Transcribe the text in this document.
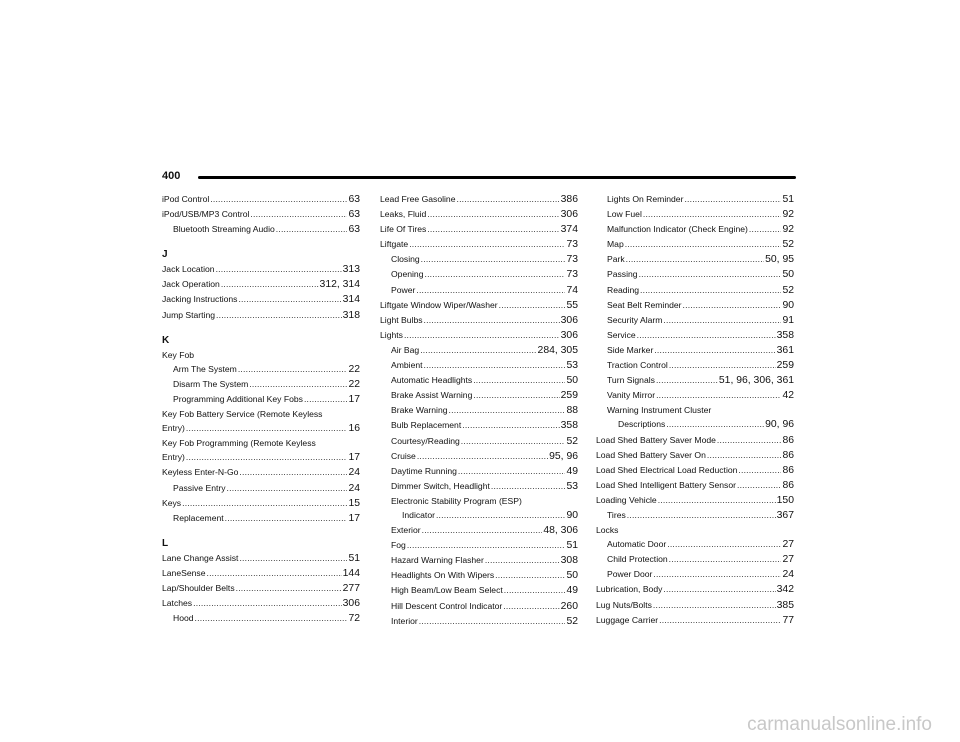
400
iPod Control .....	63
iPod/USB/MP3 Control .....	63
Bluetooth Streaming Audio .....	63
J
Jack Location .....	313
Jack Operation .....	312, 314
Jacking Instructions .....	314
Jump Starting .....	318
K
Key Fob
Arm The System .....	22
Disarm The System .....	22
Programming Additional Key Fobs .....	17
Key Fob Battery Service (Remote Keyless
Entry) .....	16
Key Fob Programming (Remote Keyless
Entry) .....	17
Keyless Enter-N-Go .....	24
Passive Entry .....	24
Keys .....	15
Replacement .....	17
L
Lane Change Assist .....	51
LaneSense .....	144
Lap/Shoulder Belts .....	277
Latches .....	306
Hood .....	72
Lead Free Gasoline .....	386
Leaks, Fluid .....	306
Life Of Tires .....	374
Liftgate .....	73
Closing .....	73
Opening .....	73
Power .....	74
Liftgate Window Wiper/Washer .....	55
Light Bulbs .....	306
Lights .....	306
Air Bag .....	284, 305
Ambient .....	53
Automatic Headlights .....	50
Brake Assist Warning .....	259
Brake Warning .....	88
Bulb Replacement .....	358
Courtesy/Reading .....	52
Cruise .....	95, 96
Daytime Running .....	49
Dimmer Switch, Headlight .....	53
Electronic Stability Program (ESP)
Indicator .....	90
Exterior .....	48, 306
Fog .....	51
Hazard Warning Flasher .....	308
Headlights On With Wipers .....	50
High Beam/Low Beam Select .....	49
Hill Descent Control Indicator .....	260
Interior .....	52
Lights On Reminder .....	51
Low Fuel .....	92
Malfunction Indicator (Check Engine) .....	92
Map .....	52
Park .....	50, 95
Passing .....	50
Reading .....	52
Seat Belt Reminder .....	90
Security Alarm .....	91
Service .....	358
Side Marker .....	361
Traction Control .....	259
Turn Signals .....	51, 96, 306, 361
Vanity Mirror .....	42
Warning Instrument Cluster
Descriptions .....	90, 96
Load Shed Battery Saver Mode .....	86
Load Shed Battery Saver On .....	86
Load Shed Electrical Load Reduction .....	86
Load Shed Intelligent Battery Sensor .....	86
Loading Vehicle .....	150
Tires .....	367
Locks
Automatic Door .....	27
Child Protection .....	27
Power Door .....	24
Lubrication, Body .....	342
Lug Nuts/Bolts .....	385
Luggage Carrier .....	77
carmanualsonline.info
